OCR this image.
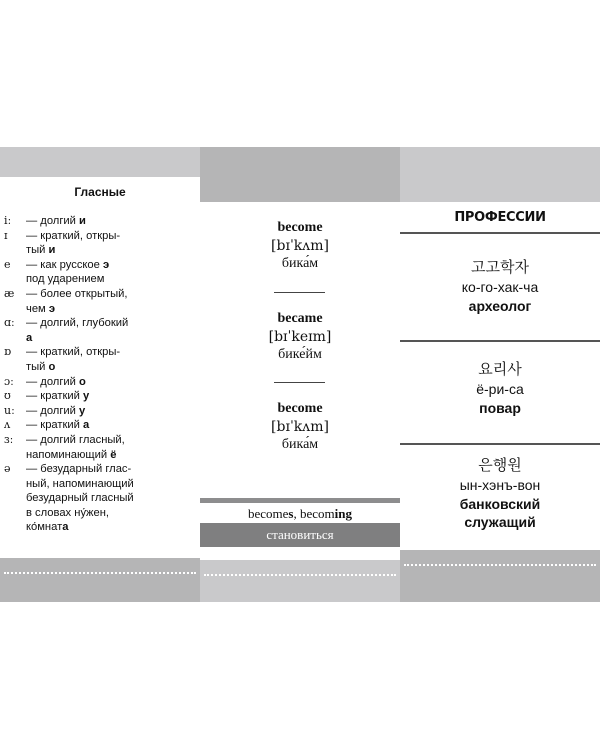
Гласные
iː	— долгий и
ɪ	— краткий, откры-
тый и
e	— как русское э
под ударением
æ	— более открытый,
чем э
ɑː	— долгий, глубокий
а
ɒ	— краткий, откры-
тый о
ɔː	— долгий о
ʊ	— краткий у
uː	— долгий у
ʌ	— краткий а
ɜː	— долгий гласный,
напоминающий ё
ə	— безударный глас-
ный, напоминающий
безударный гласный
в словах ну́жен,
ко́мната
become
[bɪˈkʌm]
бика́м
became
[bɪˈkeɪm]
бике́йм
become
[bɪˈkʌm]
бика́м
becomes, becoming
становиться
ПРОФЕССИИ
고고학자
ко-го-хак-ча
археолог
요리사
ё-ри-са
повар
은행원
ын-хэнъ-вон
банковский
служащий
